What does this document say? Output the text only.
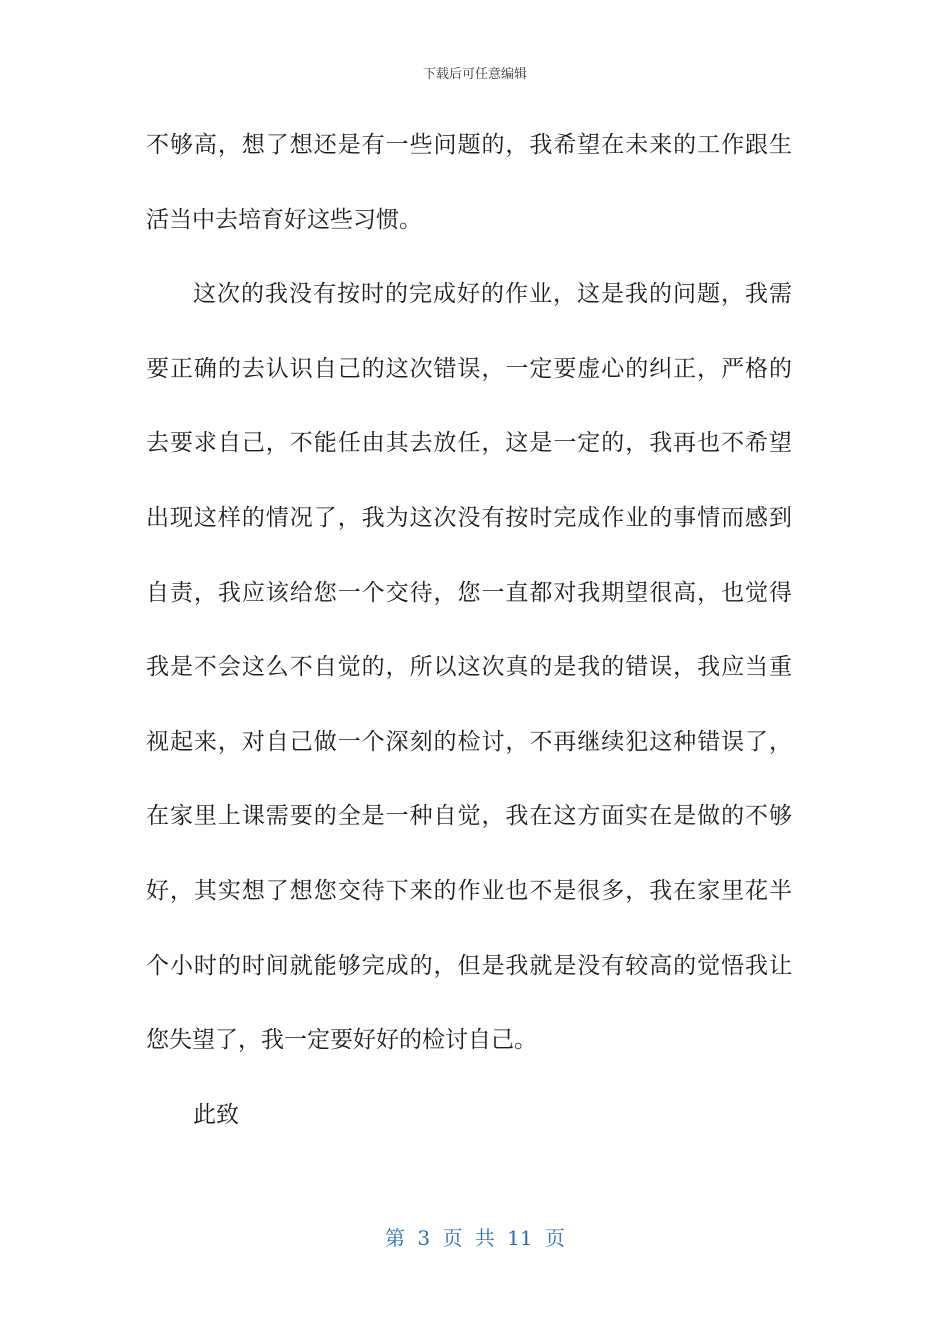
下载后可任意编辑
不够高，想了想还是有一些问题的，我希望在未来的工作跟生
活当中去培育好这些习惯。
这次的我没有按时的完成好的作业，这是我的问题，我需
要正确的去认识自己的这次错误，一定要虚心的纠正，严格的
去要求自己，不能任由其去放任，这是一定的，我再也不希望
出现这样的情况了，我为这次没有按时完成作业的事情而感到
自责，我应该给您一个交待，您一直都对我期望很高，也觉得
我是不会这么不自觉的，所以这次真的是我的错误，我应当重
视起来，对自己做一个深刻的检讨，不再继续犯这种错误了，
在家里上课需要的全是一种自觉，我在这方面实在是做的不够
好，其实想了想您交待下来的作业也不是很多，我在家里花半
个小时的时间就能够完成的，但是我就是没有较高的觉悟我让
您失望了，我一定要好好的检讨自己。
此致
第 3 页 共 11 页
